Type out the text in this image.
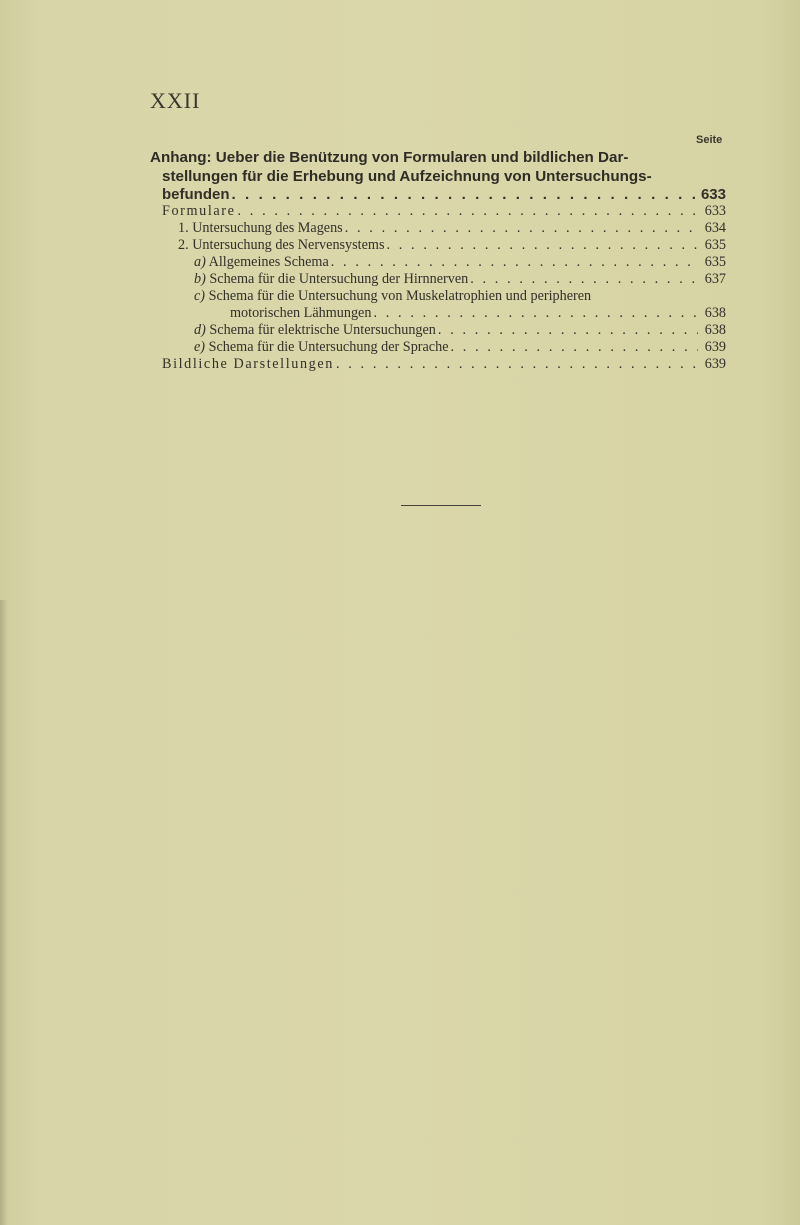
XXII
Seite
Anhang: Ueber die Benützung von Formularen und bildlichen Dar-
stellungen für die Erhebung und Aufzeichnung von Untersuchungs-
befunden . . .	633
Formulare . . .	633
1. Untersuchung des Magens . . .	634
2. Untersuchung des Nervensystems . . .	635
a) Allgemeines Schema . . .	635
b) Schema für die Untersuchung der Hirnnerven . . .	637
c) Schema für die Untersuchung von Muskelatrophien und peripheren
motorischen Lähmungen . . .	638
d) Schema für elektrische Untersuchungen . . .	638
e) Schema für die Untersuchung der Sprache . . .	639
Bildliche Darstellungen . . .	639
